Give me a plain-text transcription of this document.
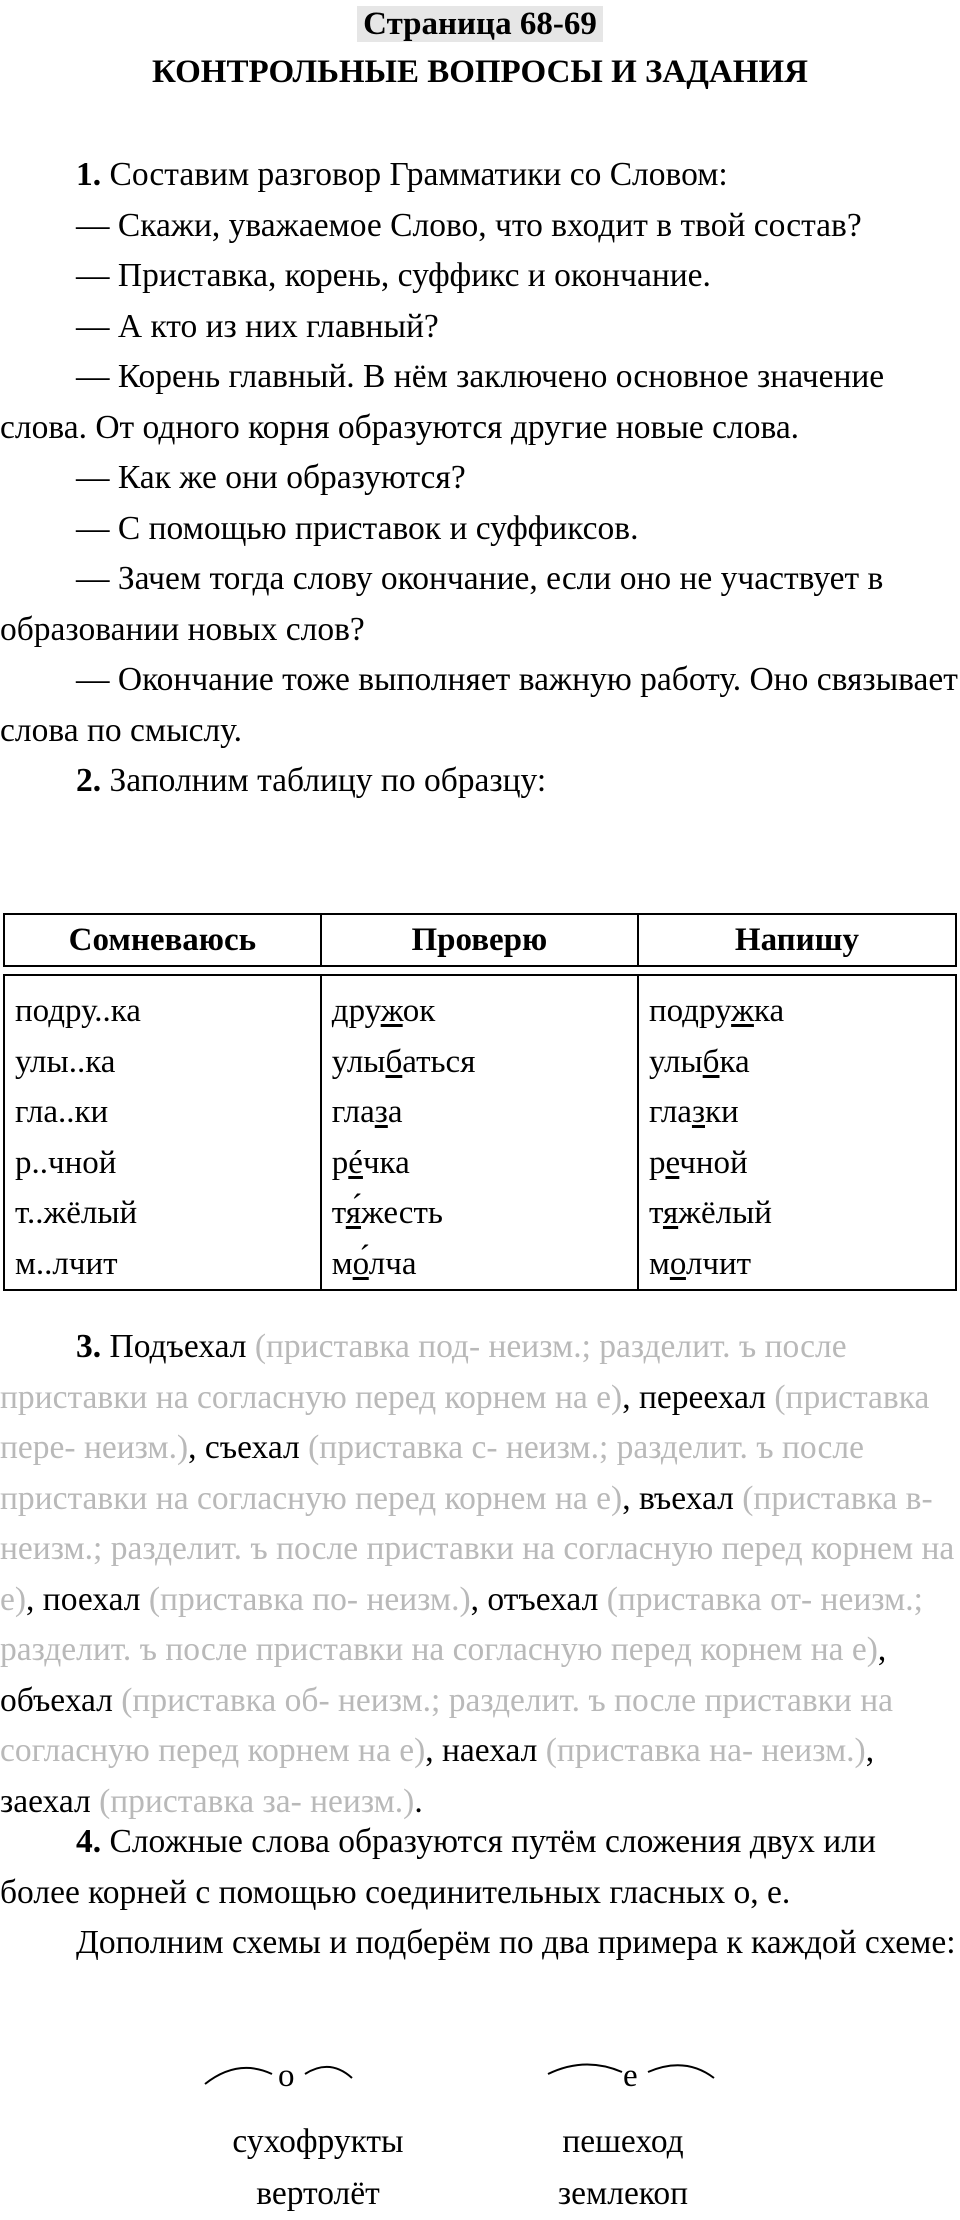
Страница 68-69
КОНТРОЛЬНЫЕ ВОПРОСЫ И ЗАДАНИЯ
1. Составим разговор Грамматики со Словом:
— Скажи, уважаемое Слово, что входит в твой состав?
— Приставка, корень, суффикс и окончание.
— А кто из них главный?
— Корень главный. В нём заключено основное значение слова. От одного корня образуются другие новые слова.
— Как же они образуются?
— С помощью приставок и суффиксов.
— Зачем тогда слову окончание, если оно не участвует в образовании новых слов?
— Окончание тоже выполняет важную работу. Оно связывает слова по смыслу.
2. Заполним таблицу по образцу:
Сомневаюсь	Проверю	Напишу

подру..ка	дружок	подружка
улы..ка	улыбаться	улыбка
гла..ки	глаза	глазки
р..чной	рéчка	речной
т..жёлый	тя́жесть	тяжёлый
м..лчит	мо́лча	молчит
3. Подъехал (приставка под- неизм.; разделит. ъ после приставки на согласную перед корнем на е), переехал (приставка пере- неизм.), съехал (приставка с- неизм.; разделит. ъ после приставки на согласную перед корнем на е), въехал (приставка в- неизм.; разделит. ъ после приставки на согласную перед корнем на е), поехал (приставка по- неизм.), отъехал (приставка от- неизм.; разделит. ъ после приставки на согласную перед корнем на е), объехал (приставка об- неизм.; разделит. ъ после приставки на согласную перед корнем на е), наехал (приставка на- неизм.), заехал (приставка за- неизм.).
4. Сложные слова образуются путём сложения двух или более корней с помощью соединительных гласных о, е.
Дополним схемы и подберём по два примера к каждой схеме:
о	е
сухофрукты
вертолёт
пешеход
землекоп
